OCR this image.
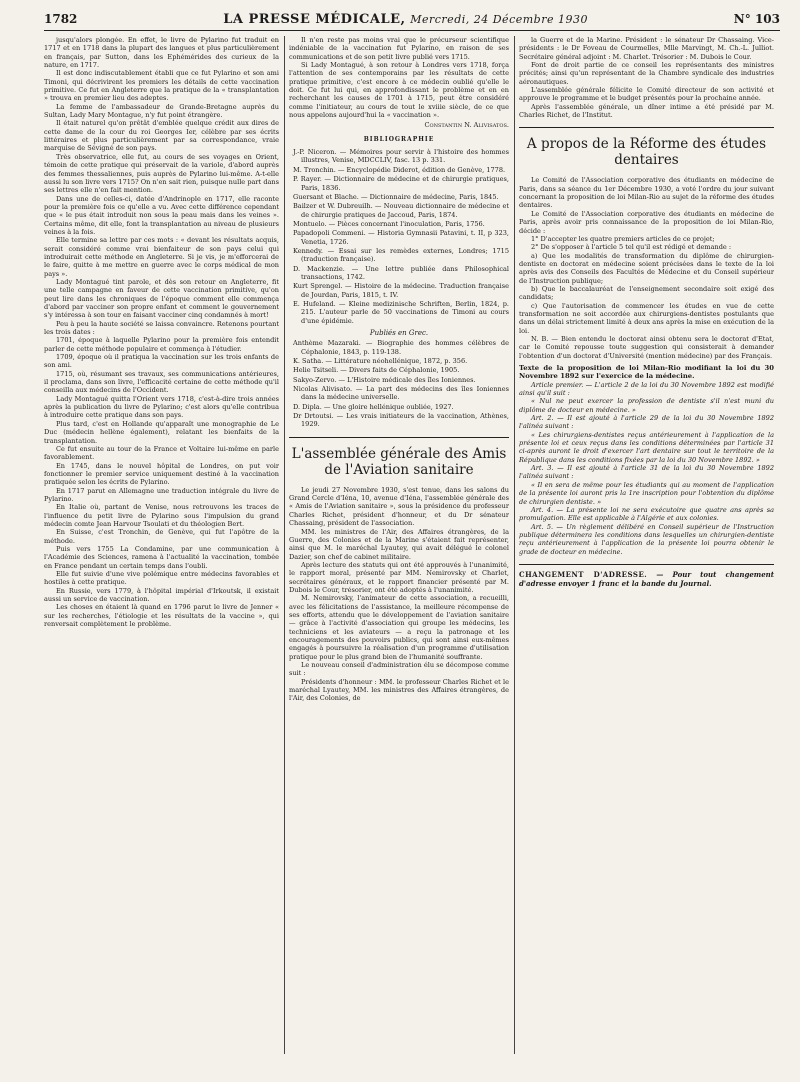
1782	LA PRESSE MÉDICALE, Mercredi, 24 Décembre 1930	N° 103

jusqu'alors plongée. En effet, le livre de Pylarino fut traduit en 1717 et en 1718 dans la plupart des langues et plus particulièrement en français, par Sutton, dans les Ephémérides des curieux de la nature, en 1717.

Il est donc indiscutablement établi que ce fut Pylarino et son ami Timoni, qui décrivirent les premiers les détails de cette vaccination primitive. Ce fut en Angleterre que la pratique de la « transplantation » trouva en premier lieu des adeptes.

La femme de l'ambassadeur de Grande-Bretagne auprès du Sultan, Lady Mary Montague, n'y fut point étrangère.

Il était naturel qu'on prêtât d'emblée quelque crédit aux dires de cette dame de la cour du roi Georges Ier, célèbre par ses écrits littéraires et plus particulièrement par sa correspondance, vraie marquise de Sévigné de son pays.

Très observatrice, elle fut, au cours de ses voyages en Orient, témoin de cette pratique qui préservait de la variole, d'abord auprès des femmes thessaliennes, puis auprès de Pylarino lui-même. A-t-elle aussi lu son livre vers 1715? On n'en sait rien, puisque nulle part dans ses lettres elle n'en fait mention.

Dans une de celles-ci, datée d'Andrinople en 1717, elle raconte pour la première fois ce qu'elle a vu. Avec cette différence cependant que « le pus était introduit non sous la peau mais dans les veines ». Certains même, dit elle, font la transplantation au niveau de plusieurs veines à la fois.

Elle termine sa lettre par ces mots : « devant les résultats acquis, serait considéré comme vrai bienfaiteur de son pays celui qui introduirait cette méthode en Angleterre. Si je vis, je m'efforcerai de le faire, quitte à me mettre en guerre avec le corps médical de mon pays ».

Lady Montagué tint parole, et dès son retour en Angleterre, fit une telle campagne en faveur de cette vaccination primitive, qu'on peut lire dans les chroniques de l'époque comment elle commença d'abord par vacciner son propre enfant et comment le gouvernement s'y intéressa à son tour en faisant vacciner cinq condamnés à mort!

Peu à peu la haute société se laissa convaincre. Retenons pourtant les trois dates :

1701, époque à laquelle Pylarino pour la première fois entendit parler de cette méthode populaire et commença à l'étudier.

1709, époque où il pratiqua la vaccination sur les trois enfants de son ami.

1715, où, résumant ses travaux, ses communications antérieures, il proclama, dans son livre, l'efficacité certaine de cette méthode qu'il conseilla aux médecins de l'Occident.

Lady Montagué quitta l'Orient vers 1718, c'est-à-dire trois années après la publication du livre de Pylarino; c'est alors qu'elle contribua à introduire cette pratique dans son pays.

Plus tard, c'est en Hollande qu'apparaît une monographie de Le Duc (médecin hellène également), relatant les bienfaits de la transplantation.

Ce fut ensuite au tour de la France et Voltaire lui-même en parle favorablement.

En 1745, dans le nouvel hôpital de Londres, on put voir fonctionner le premier service uniquement destiné à la vaccination pratiquée selon les écrits de Pylarino.

En 1717 parut en Allemagne une traduction intégrale du livre de Pylarino.

En Italie où, partant de Venise, nous retrouvons les traces de l'influence du petit livre de Pylarino sous l'impulsion du grand médecin comte Jean Harvour Tsoulati et du théologien Bert.

En Suisse, c'est Tronchin, de Genève, qui fut l'apôtre de la méthode.

Puis vers 1755 La Condamine, par une communication à l'Académie des Sciences, ramena à l'actualité la vaccination, tombée en France pendant un certain temps dans l'oubli.

Elle fut suivie d'une vive polémique entre médecins favorables et hostiles à cette pratique.

En Russie, vers 1779, à l'hôpital impérial d'Irkoutsk, il existait aussi un service de vaccination.

Les choses en étaient là quand en 1796 parut le livre de Jenner « sur les recherches, l'étiologie et les résultats de la vaccine », qui renversait complètement le problème.

Il n'en reste pas moins vrai que le précurseur scientifique indéniable de la vaccination fut Pylarino, en raison de ses communications et de son petit livre publié vers 1715.

Si Lady Montagué, à son retour à Londres vers 1718, força l'attention de ses contemporains par les résultats de cette pratique primitive, c'est encore à ce médecin oublié qu'elle le doit. Ce fut lui qui, en approfondissant le problème et en en recherchant les causes de 1701 à 1715, peut être considéré comme l'initiateur, au cours de tout le xviiie siècle, de ce que nous appelons aujourd'hui la « vaccination ».

Constantin N. Alivisatos.

BIBLIOGRAPHIE

J.-P. Niceron. — Mémoires pour servir à l'histoire des hommes illustres, Venise, MDCCLIV, fasc. 13 p. 331.

M. Tronchin. — Encyclopédie Diderot, édition de Genève, 1778.

P. Rayer. — Dictionnaire de médecine et de chirurgie pratiques, Paris, 1836.

Guersant et Blache. — Dictionnaire de médecine, Paris, 1845.

Bailzer et W. Dubreuilh. — Nouveau dictionnaire de médecine et de chirurgie pratiques de Jaccoud, Paris, 1874.

Montuelo. — Pièces concernant l'inoculation, Paris, 1756.

Papadopoli Commeni. — Historia Gymnasii Patavini, t. II, p 323, Venetia, 1726.

Kennedy. — Essai sur les remèdes externes, Londres; 1715 (traduction française).

D. Mackenzie. — Une lettre publiée dans Philosophical transactions, 1742.

Kurt Sprengel. — Histoire de la médecine. Traduction française de Jourdan, Paris, 1815, t. IV.

E. Hufeland. — Kleine medizinische Schriften, Berlin, 1824, p. 215. L'auteur parle de 50 vaccinations de Timoni au cours d'une épidémie.

Publiés en Grec.

Anthème Mazaraki. — Biographie des hommes célèbres de Céphalonie, 1843, p. 119-138.

K. Satha. — Littérature néohellénique, 1872, p. 356.

Helie Tsitseli. — Divers faits de Céphalonie, 1905.

Sakyo-Zervo. — L'Histoire médicale des îles Ioniennes.

Nicolas Alivisato. — La part des médecins des îles Ioniennes dans la médecine universelle.

D. Dipla. — Une gloire hellénique oubliée, 1927.

Dr Drtoutsi. — Les vrais initiateurs de la vaccination, Athènes, 1929.

L'assemblée générale des Amis de l'Aviation sanitaire

Le jeudi 27 Novembre 1930, s'est tenue, dans les salons du Grand Cercle d'Iéna, 10, avenue d'Iéna, l'assemblée générale des « Amis de l'Aviation sanitaire », sous la présidence du professeur Charles Richet, président d'honneur, et du Dr sénateur Chassaing, président de l'association.

MM. les ministres de l'Air, des Affaires étrangères, de la Guerre, des Colonies et de la Marine s'étaient fait représenter, ainsi que M. le maréchal Lyautey, qui avait délégué le colonel Dazier, son chef de cabinet militaire.

Après lecture des statuts qui ont été approuvés à l'unanimité, le rapport moral, présenté par MM. Nemirovsky et Charlet, secrétaires généraux, et le rapport financier présenté par M. Dubois le Cour, trésorier, ont été adoptés à l'unanimité.

M. Nemirovsky, l'animateur de cette association, a recueilli, avec les félicitations de l'assistance, la meilleure récompense de ses efforts, attendu que le développement de l'aviation sanitaire — grâce à l'activité d'association qui groupe les médecins, les techniciens et les aviateurs — a reçu la patronage et les encouragements des pouvoirs publics, qui sont ainsi eux-mêmes engagés à poursuivre la réalisation d'un programme d'utilisation pratique pour le plus grand bien de l'humanité souffrante.

Le nouveau conseil d'administration élu se décompose comme suit :

Présidents d'honneur : MM. le professeur Charles Richet et le maréchal Lyautey, MM. les ministres des Affaires étrangères, de l'Air, des Colonies, de

la Guerre et de la Marine. Président : le sénateur Dr Chassaing. Vice-présidents : le Dr Foveau de Courmelles, Mlle Marvingt, M. Ch.-L. Julliot. Secrétaire général adjoint : M. Charlet. Trésorier : M. Dubois le Cour.

Font de droit partie de ce conseil les représentants des ministres précités; ainsi qu'un représentant de la Chambre syndicale des industries aéronautiques.

L'assemblée générale félicite le Comité directeur de son activité et approuve le programme et le budget présentés pour la prochaine année.

Après l'assemblée générale, un dîner intime a été présidé par M. Charles Richet, de l'Institut.

A propos de la Réforme des études dentaires

Le Comité de l'Association corporative des étudiants en médecine de Paris, dans sa séance du 1er Décembre 1930, a voté l'ordre du jour suivant concernant la proposition de loi Milan-Rio au sujet de la réforme des études dentaires.

Le Comité de l'Association corporative des étudiants en médecine de Paris, après avoir pris connaissance de la proposition de loi Milan-Rio, décide :

1° D'accepter les quatre premiers articles de ce projet;

2° De s'opposer à l'article 5 tel qu'il est rédigé et demande :

a) Que les modalités de transformation du diplôme de chirurgien-dentiste en doctorat en médecine soient précisées dans le texte de la loi après avis des Conseils des Facultés de Médecine et du Conseil supérieur de l'Instruction publique;

b) Que le baccalauréat de l'enseignement secondaire soit exigé des candidats;

c) Que l'autorisation de commencer les études en vue de cette transformation ne soit accordée aux chirurgiens-dentistes postulants que dans un délai strictement limité à deux ans après la mise en exécution de la loi.

N. B. — Bien entendu le doctorat ainsi obtenu sera le doctorat d'Etat, car le Comité repousse toute suggestion qui consisterait à demander l'obtention d'un doctorat d'Université (mention médecine) par des Français.

Texte de la proposition de loi Milan-Rio modifiant la loi du 30 Novembre 1892 sur l'exercice de la médecine.

Article premier. — L'article 2 de la loi du 30 Novembre 1892 est modifié ainsi qu'il suit :

« Nul ne peut exercer la profession de dentiste s'il n'est muni du diplôme de docteur en médecine. »

Art. 2. — Il est ajouté à l'article 29 de la loi du 30 Novembre 1892 l'alinéa suivant :

« Les chirurgiens-dentistes reçus antérieurement à l'application de la présente loi et ceux reçus dans les conditions déterminées par l'article 31 ci-après auront le droit d'exercer l'art dentaire sur tout le territoire de la République dans les conditions fixées par la loi du 30 Novembre 1892. »

Art. 3. — Il est ajouté à l'article 31 de la loi du 30 Novembre 1892 l'alinéa suivant :

« Il en sera de même pour les étudiants qui au moment de l'application de la présente loi auront pris la 1re inscription pour l'obtention du diplôme de chirurgien dentiste. »

Art. 4. — La présente loi ne sera exécutoire que quatre ans après sa promulgation. Elle est applicable à l'Algérie et aux colonies.

Art. 5. — Un règlement délibéré en Conseil supérieur de l'Instruction publique déterminera les conditions dans lesquelles un chirurgien-dentiste reçu antérieurement à l'application de la présente loi pourra obtenir le grade de docteur en médecine.

CHANGEMENT D'ADRESSE. — Pour tout changement d'adresse envoyer 1 franc et la bande du Journal.
